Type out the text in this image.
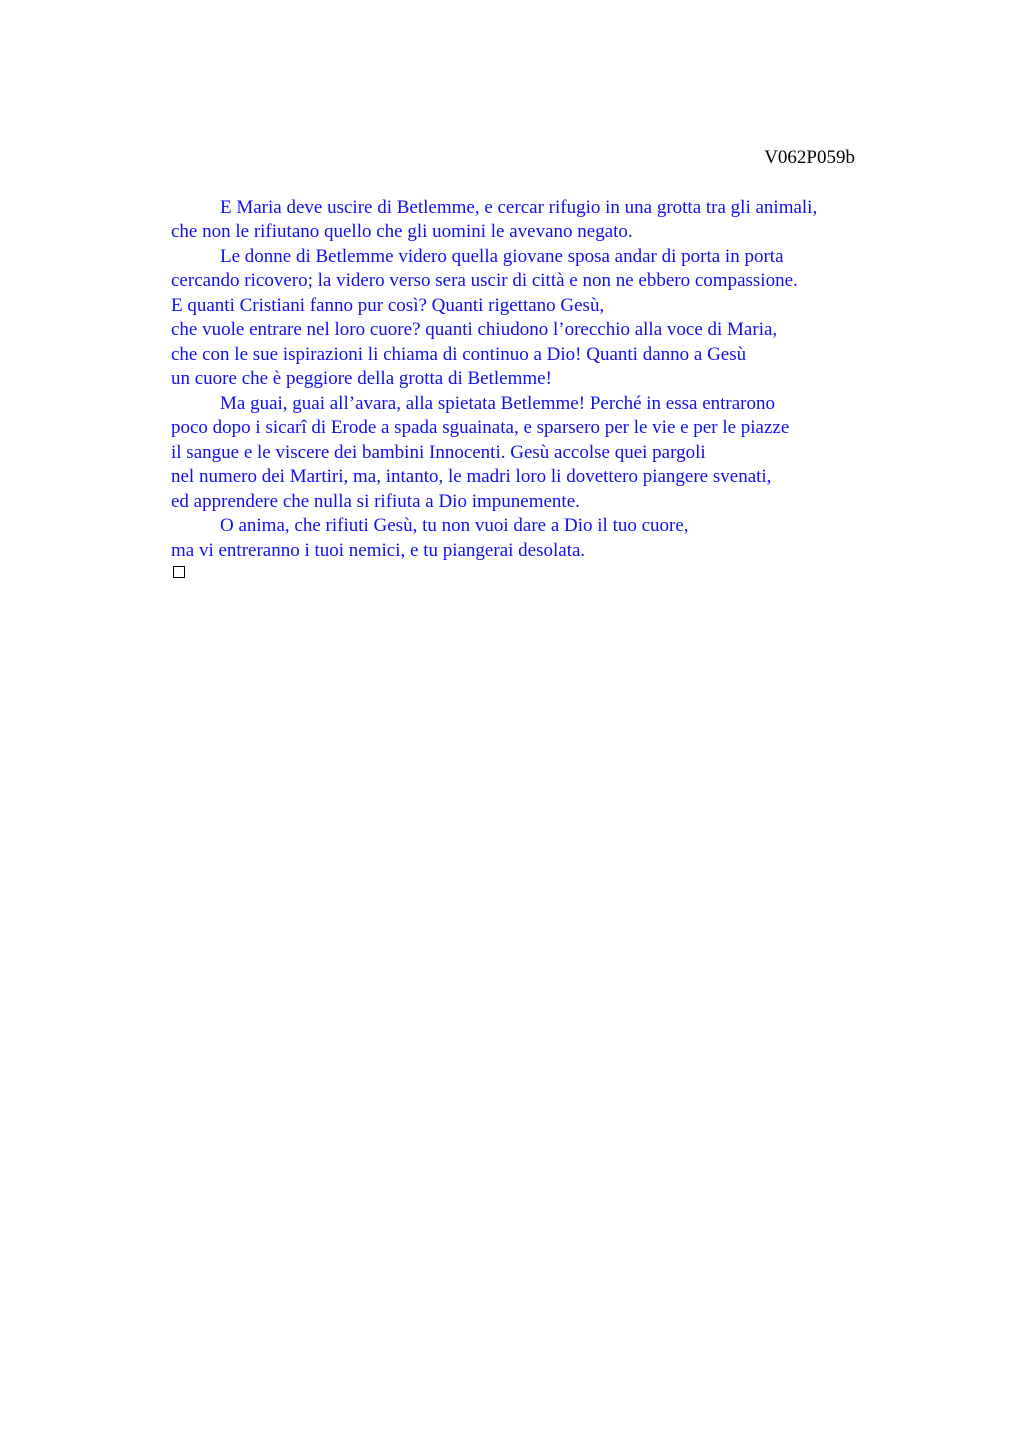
V062P059b
E Maria deve uscire di Betlemme, e cercar rifugio in una grotta tra gli animali,
che non le rifiutano quello che gli uomini le avevano negato.
Le donne di Betlemme videro quella giovane sposa andar di porta in porta
cercando ricovero; la videro verso sera uscir di città e non ne ebbero compassione.
E quanti Cristiani fanno pur così? Quanti rigettano Gesù,
che vuole entrare nel loro cuore? quanti chiudono l’orecchio alla voce di Maria,
che con le sue ispirazioni li chiama di continuo a Dio! Quanti danno a Gesù
un cuore che è peggiore della grotta di Betlemme!
Ma guai, guai all’avara, alla spietata Betlemme! Perché in essa entrarono
poco dopo i sicarî di Erode a spada sguainata, e sparsero per le vie e per le piazze
il sangue e le viscere dei bambini Innocenti. Gesù accolse quei pargoli
nel numero dei Martiri, ma, intanto, le madri loro li dovettero piangere svenati,
ed apprendere che nulla si rifiuta a Dio impunemente.
O anima, che rifiuti Gesù, tu non vuoi dare a Dio il tuo cuore,
ma vi entreranno i tuoi nemici, e tu piangerai desolata.
